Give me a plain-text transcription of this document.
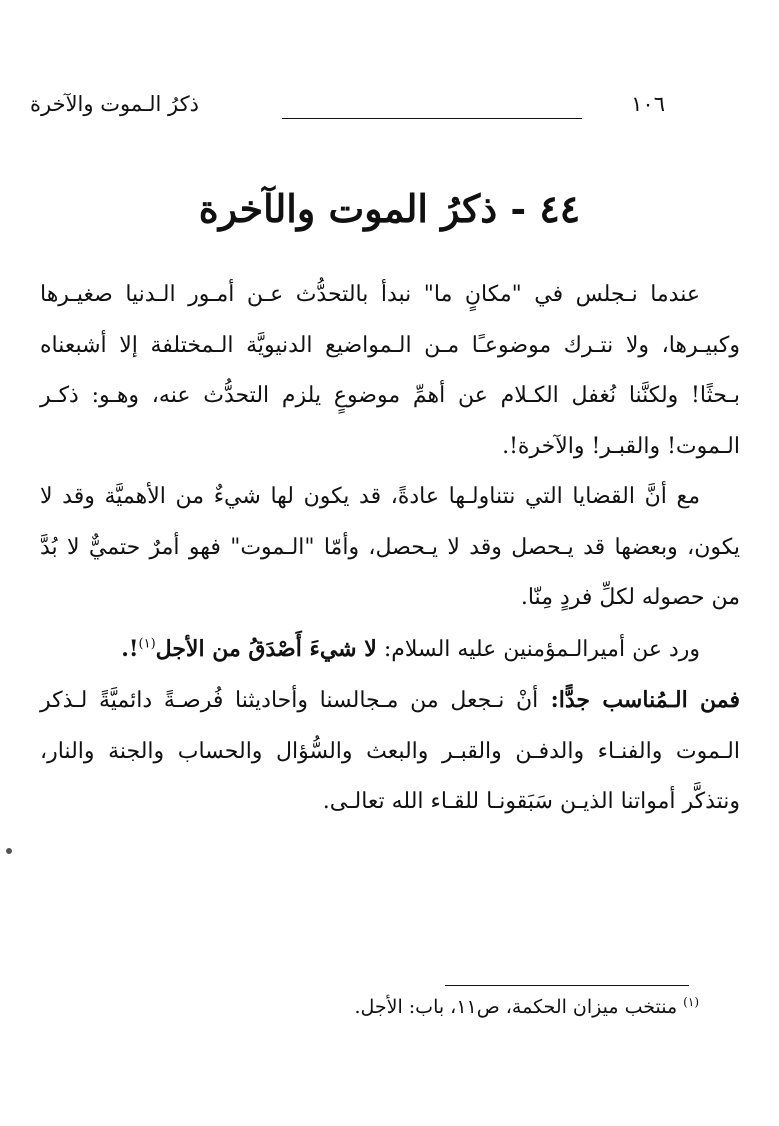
١٠٦
ذكرُ الـموت والآخرة
٤٤ - ذكرُ الموت والآخرة

عندما نـجلس في "مكانٍ ما" نبدأ بالتحدُّث عـن أمـور الـدنيا صغيـرها وكبيـرها، ولا نتـرك موضوعـًا مـن الـمواضيع الدنيويَّة الـمختلفة إلا أشبعناه بـحثًا! ولكنَّنا نُغفل الكـلام عن أهمِّ موضوعٍ يلزم التحدُّث عنه، وهـو: ذكـر الـموت! والقبـر! والآخرة!.

مع أنَّ القضايا التي نتناولـها عادةً، قد يكون لها شيءٌ من الأهميَّة وقد لا يكون، وبعضها قد يـحصل وقد لا يـحصل، وأمّا "الـموت" فهو أمرٌ حتميٌّ لا بُدَّ من حصوله لكلِّ فردٍ مِنّا.

ورد عن أميرالـمؤمنين عليه السلام: لا شيءَ أَصْدَقُ من الأجل$^{(١)}$!.

فمن الـمُناسب جدًّا: أنْ نـجعل من مـجالسنا وأحاديثنا فُرصـةً دائميَّةً لـذكر الـموت والفنـاء والدفـن والقبـر والبعث والسُّؤال والحساب والجنة والنار، ونتذكَّر أمواتنا الذيـن سَبَقونـا للقـاء الله تعالـى.

$^{(١)}$منتخب ميزان الحكمة، ص١١، باب: الأجل.
